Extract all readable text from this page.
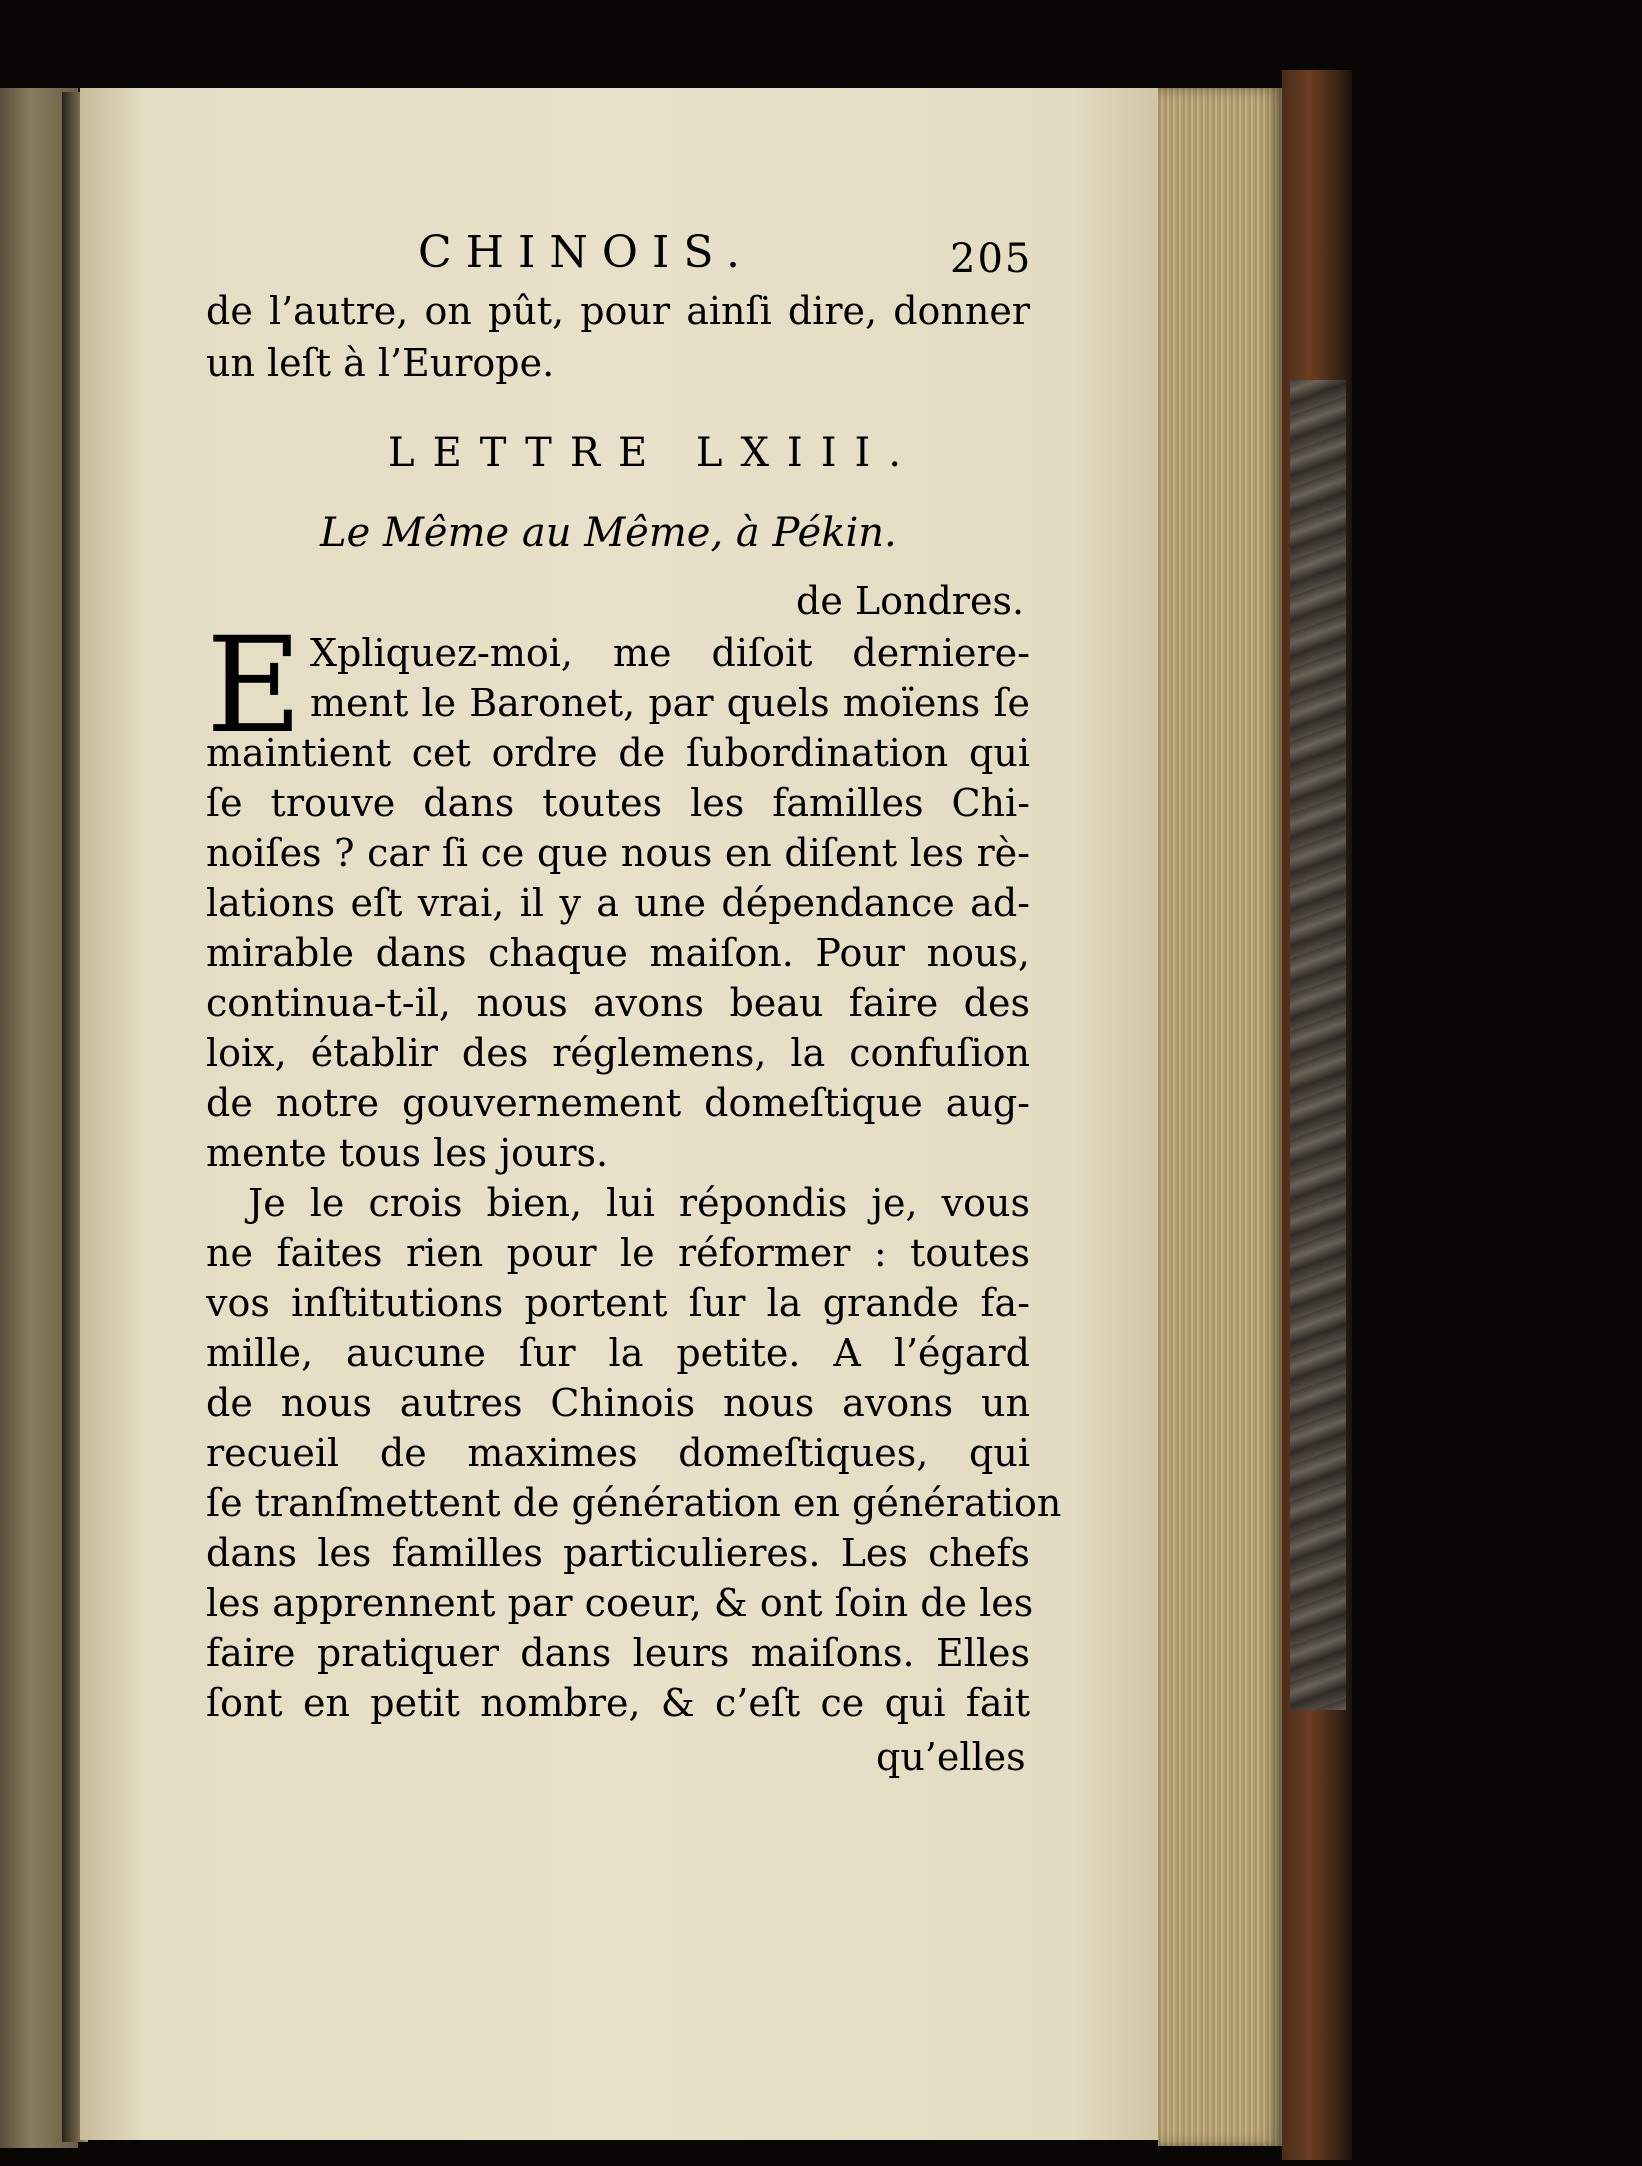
CHINOIS.	205
de l’autre, on pût, pour ainſi dire, donner
un leſt à l’Europe.
LETTRE LXIII.
Le Même au Même, à Pékin.
de Londres.
E Xpliquez-moi, me diſoit derniere-
ment le Baronet, par quels moïens ſe
maintient cet ordre de ſubordination qui
ſe trouve dans toutes les familles Chi-
noiſes ? car ſi ce que nous en diſent les rè-
lations eſt vrai, il y a une dépendance ad-
mirable dans chaque maiſon. Pour nous,
continua-t-il, nous avons beau faire des
loix, établir des réglemens, la confuſion
de notre gouvernement domeſtique aug-
mente tous les jours.
Je le crois bien, lui répondis je, vous
ne faites rien pour le réformer : toutes
vos inſtitutions portent ſur la grande fa-
mille, aucune ſur la petite. A l’égard
de nous autres Chinois nous avons un
recueil de maximes domeſtiques, qui
ſe tranſmettent de génération en génération
dans les familles particulieres. Les chefs
les apprennent par coeur, & ont ſoin de les
faire pratiquer dans leurs maiſons. Elles
ſont en petit nombre, & c’eſt ce qui fait
qu’elles
